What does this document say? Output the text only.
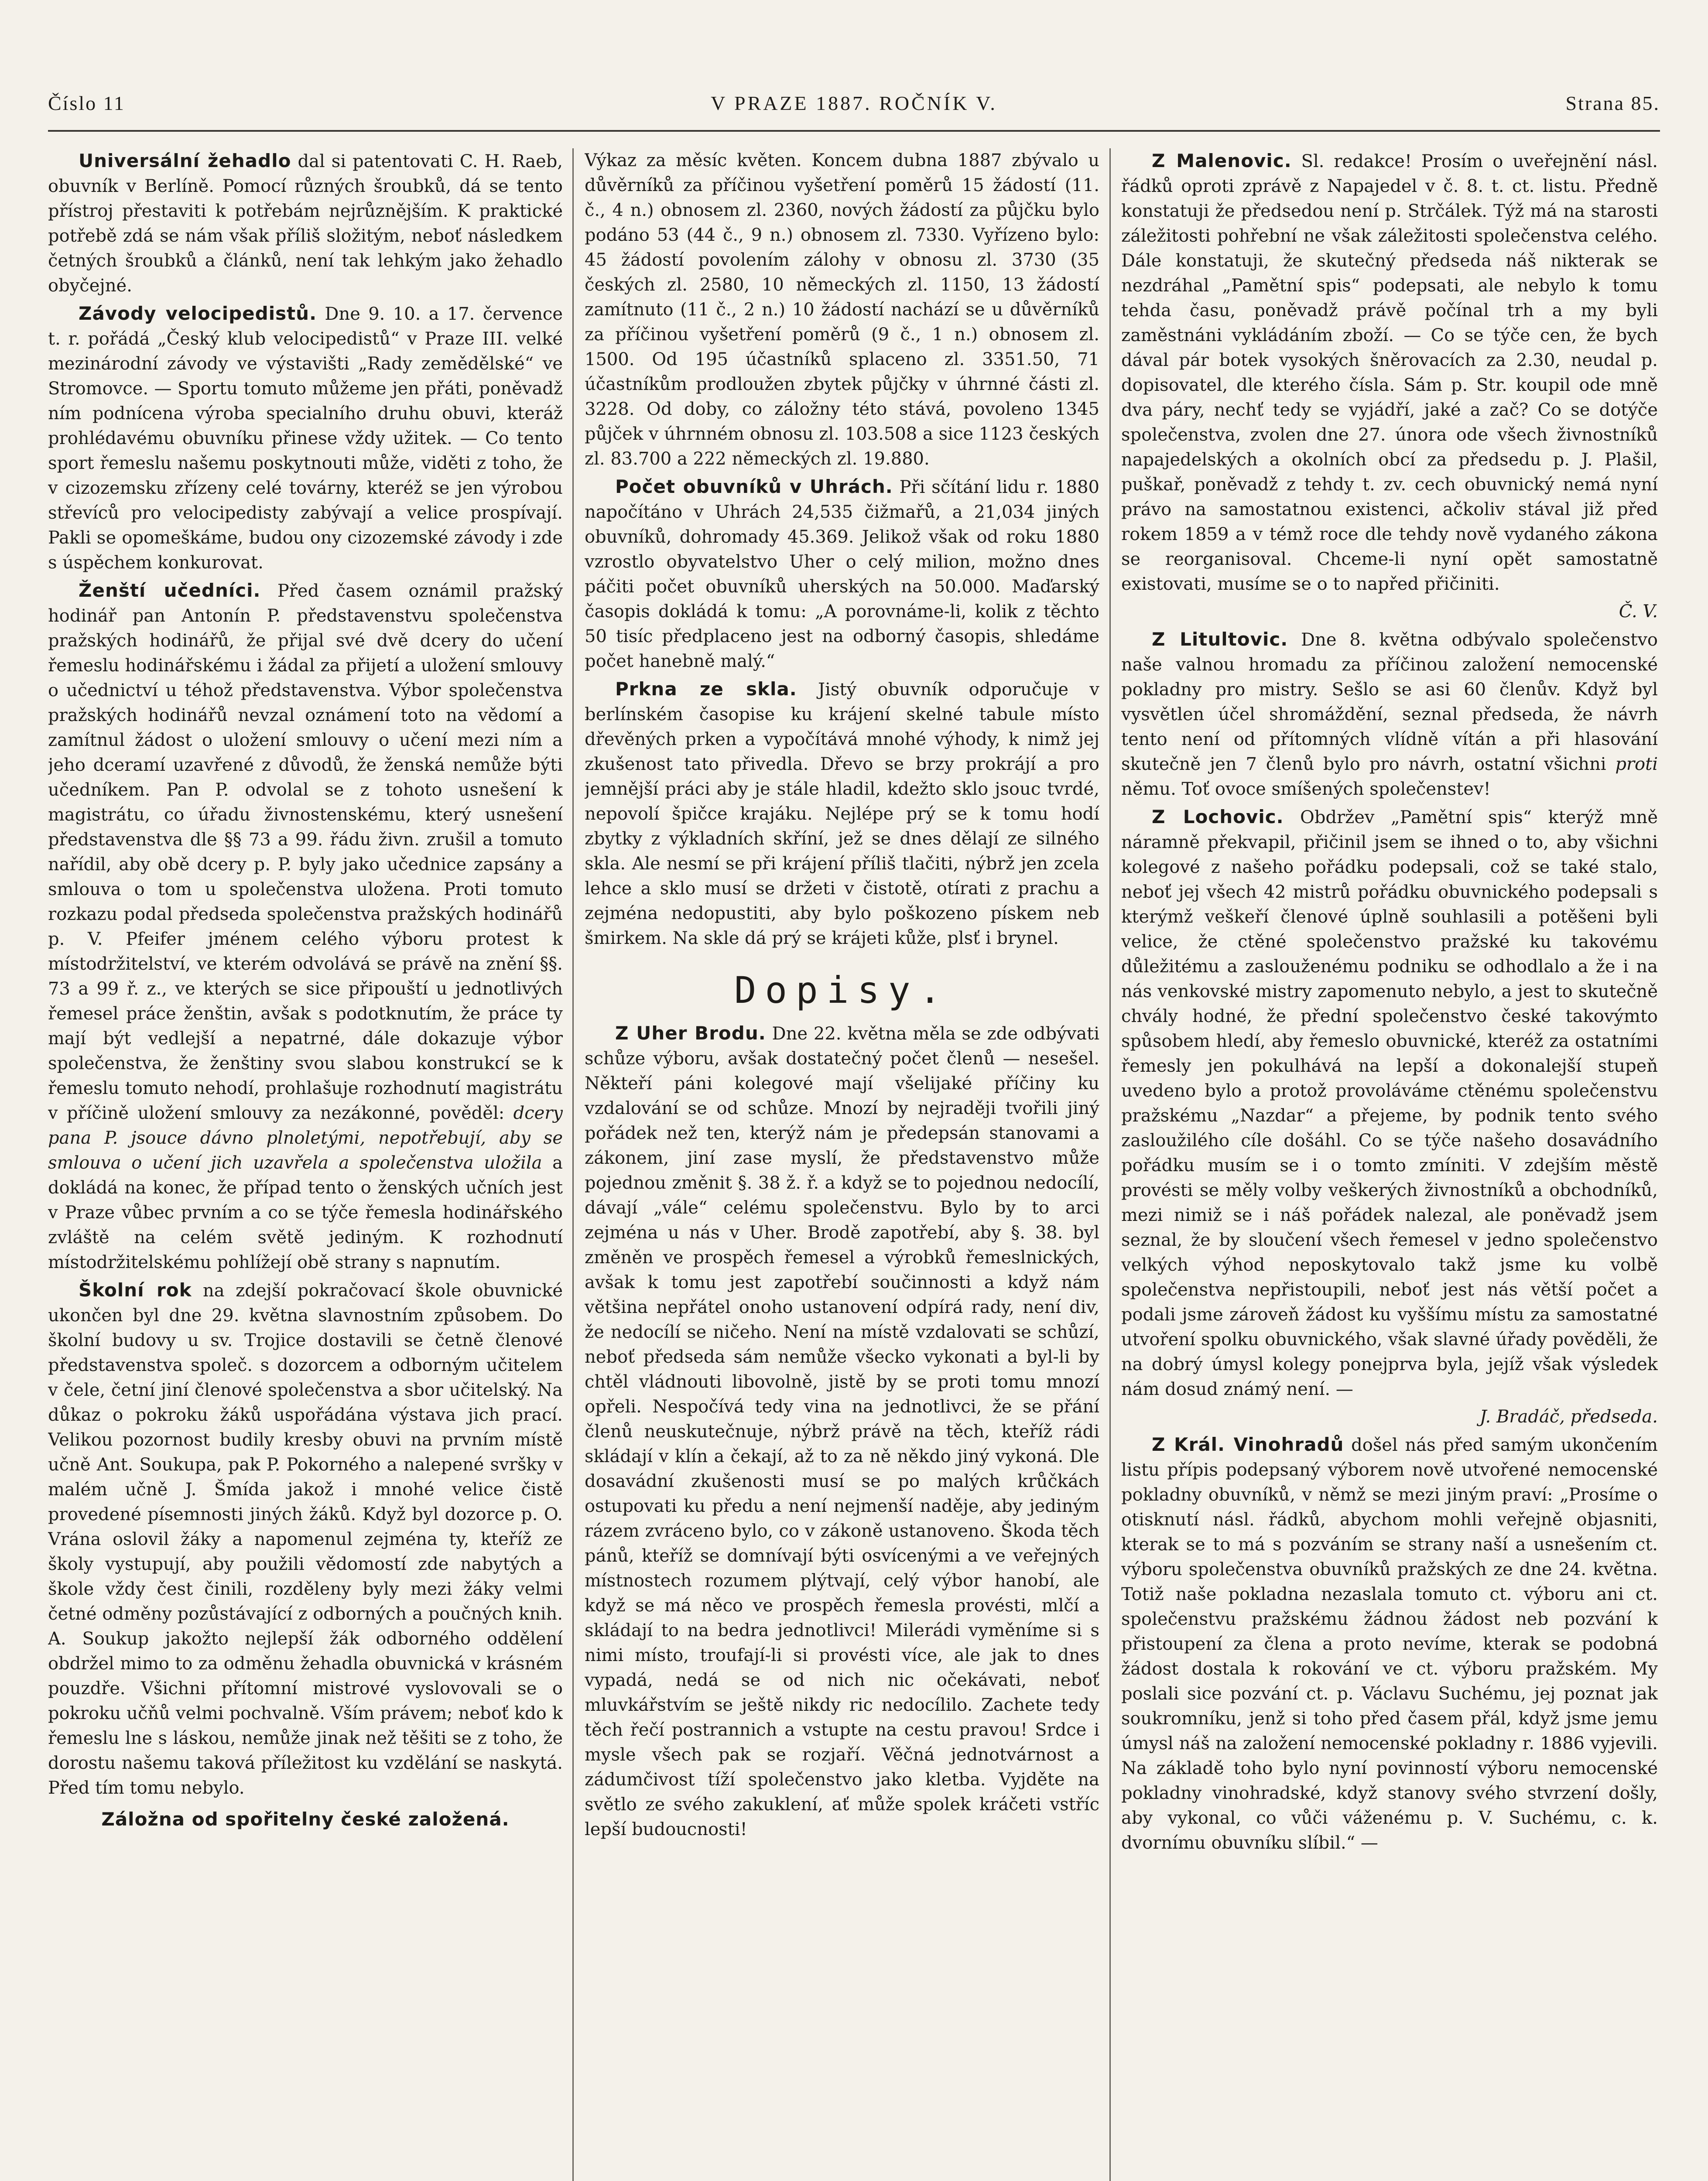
Číslo 11	V PRAZE 1887. ROČNÍK V.	Strana 85.

Universální žehadlo dal si patentovati C. H. Raeb, obuvník v Berlíně. Pomocí různých šroubků, dá se tento přístroj přestaviti k potřebám nejrůznějším. K praktické potřebě zdá se nám však příliš složitým, neboť následkem četných šroubků a článků, není tak lehkým jako žehadlo obyčejné.

Závody velocipedistů. Dne 9. 10. a 17. července t. r. pořádá „Český klub velocipedistů“ v Praze III. velké mezinárodní závody ve výstavišti „Rady zemědělské“ ve Stromovce. — Sportu tomuto můžeme jen přáti, poněvadž ním podnícena výroba specialního druhu obuvi, kteráž prohlédavému obuvníku přinese vždy užitek. — Co tento sport řemeslu našemu poskytnouti může, viděti z toho, že v cizozemsku zřízeny celé továrny, kteréž se jen výrobou střevíců pro velocipedisty zabývají a velice prospívají. Pakli se opomeškáme, budou ony cizozemské závody i zde s úspěchem konkurovat.

Ženští učedníci. Před časem oznámil pražský hodinář pan Antonín P. představenstvu společenstva pražských hodinářů, že přijal své dvě dcery do učení řemeslu hodinářskému i žádal za přijetí a uložení smlouvy o učednictví u téhož představenstva. Výbor společenstva pražských hodinářů nevzal oznámení toto na vědomí a zamítnul žádost o uložení smlouvy o učení mezi ním a jeho dceramí uzavřené z důvodů, že ženská nemůže býti učedníkem. Pan P. odvolal se z tohoto usnešení k magistrátu, co úřadu živnostenskému, který usnešení představenstva dle §§ 73 a 99. řádu živn. zrušil a tomuto nařídil, aby obě dcery p. P. byly jako učednice zapsány a smlouva o tom u společenstva uložena. Proti tomuto rozkazu podal předseda společenstva pražských hodinářů p. V. Pfeifer jménem celého výboru protest k místodržitelství, ve kterém odvolává se právě na znění §§. 73 a 99 ř. z., ve kterých se sice připouští u jednotlivých řemesel práce ženštin, avšak s podotknutím, že práce ty mají být vedlejší a nepatrné, dále dokazuje výbor společenstva, že ženštiny svou slabou konstrukcí se k řemeslu tomuto nehodí, prohlašuje rozhodnutí magistrátu v příčině uložení smlouvy za nezákonné, pověděl: dcery pana P. jsouce dávno plnoletými, nepotřebují, aby se smlouva o učení jich uzavřela a společenstva uložila a dokládá na konec, že případ tento o ženských učních jest v Praze vůbec prvním a co se týče řemesla hodinářského zvláště na celém světě jediným. K rozhodnutí místodržitelskému pohlížejí obě strany s napnutím.

Školní rok na zdejší pokračovací škole obuvnické ukončen byl dne 29. května slavnostním způsobem. Do školní budovy u sv. Trojice dostavili se četně členové představenstva společ. s dozorcem a odborným učitelem v čele, četní jiní členové společenstva a sbor učitelský. Na důkaz o pokroku žáků uspořádána výstava jich prací. Velikou pozornost budily kresby obuvi na prvním místě učně Ant. Soukupa, pak P. Pokorného a nalepené svršky v malém učně J. Šmída jakož i mnohé velice čistě provedené písemnosti jiných žáků. Když byl dozorce p. O. Vrána oslovil žáky a napomenul zejména ty, kteříž ze školy vystupují, aby použili vědomostí zde nabytých a škole vždy čest činili, rozděleny byly mezi žáky velmi četné odměny pozůstávající z odborných a poučných knih. A. Soukup jakožto nejlepší žák odborného oddělení obdržel mimo to za odměnu žehadla obuvnická v krásném pouzdře. Všichni přítomní mistrové vyslovovali se o pokroku učňů velmi pochvalně. Vším právem; neboť kdo k řemeslu lne s láskou, nemůže jinak než těšiti se z toho, že dorostu našemu taková příležitost ku vzdělání se naskytá. Před tím tomu nebylo.

Záložna od spořitelny české založená.

Výkaz za měsíc květen. Koncem dubna 1887 zbývalo u důvěrníků za příčinou vyšetření poměrů 15 žádostí (11. č., 4 n.) obnosem zl. 2360, nových žádostí za půjčku bylo podáno 53 (44 č., 9 n.) obnosem zl. 7330. Vyřízeno bylo: 45 žádostí povolením zálohy v obnosu zl. 3730 (35 českých zl. 2580, 10 německých zl. 1150, 13 žádostí zamítnuto (11 č., 2 n.) 10 žádostí nachází se u důvěrníků za příčinou vyšetření poměrů (9 č., 1 n.) obnosem zl. 1500. Od 195 účastníků splaceno zl. 3351.50, 71 účastníkům prodloužen zbytek půjčky v úhrnné části zl. 3228. Od doby, co záložny této stává, povoleno 1345 půjček v úhrnném obnosu zl. 103.508 a sice 1123 českých zl. 83.700 a 222 německých zl. 19.880.

Počet obuvníků v Uhrách. Při sčítání lidu r. 1880 napočítáno v Uhrách 24,535 čižmařů, a 21,034 jiných obuvníků, dohromady 45.369. Jelikož však od roku 1880 vzrostlo obyvatelstvo Uher o celý milion, možno dnes páčiti počet obuvníků uherských na 50.000. Maďarský časopis dokládá k tomu: „A porovnáme-li, kolik z těchto 50 tisíc předplaceno jest na odborný časopis, shledáme počet hanebně malý.“

Prkna ze skla. Jistý obuvník odporučuje v berlínském časopise ku krájení skelné tabule místo dřevěných prken a vypočítává mnohé výhody, k nimž jej zkušenost tato přivedla. Dřevo se brzy prokrájí a pro jemnější práci aby je stále hladil, kdežto sklo jsouc tvrdé, nepovolí špičce krajáku. Nejlépe prý se k tomu hodí zbytky z výkladních skříní, jež se dnes dělají ze silného skla. Ale nesmí se při krájení příliš tlačiti, nýbrž jen zcela lehce a sklo musí se držeti v čistotě, otírati z prachu a zejména nedopustiti, aby bylo poškozeno pískem neb šmirkem. Na skle dá prý se krájeti kůže, plsť i brynel.

Dopisy.

Z Uher Brodu. Dne 22. května měla se zde odbývati schůze výboru, avšak dostatečný počet členů — nesešel. Někteří páni kolegové mají všelijaké příčiny ku vzdalování se od schůze. Mnozí by nejraději tvořili jiný pořádek než ten, kterýž nám je předepsán stanovami a zákonem, jiní zase myslí, že představenstvo může pojednou změnit §. 38 ž. ř. a když se to pojednou nedocílí, dávají „vále“ celému společenstvu. Bylo by to arci zejména u nás v Uher. Brodě zapotřebí, aby §. 38. byl změněn ve prospěch řemesel a výrobků řemeslnických, avšak k tomu jest zapotřebí součinnosti a když nám většina nepřátel onoho ustanovení odpírá rady, není div, že nedocílí se ničeho. Není na místě vzdalovati se schůzí, neboť předseda sám nemůže všecko vykonati a byl-li by chtěl vládnouti libovolně, jistě by se proti tomu mnozí opřeli. Nespočívá tedy vina na jednotlivci, že se přání členů neuskutečnuje, nýbrž právě na těch, kteříž rádi skládají v klín a čekají, až to za ně někdo jiný vykoná. Dle dosavádní zkušenosti musí se po malých krůčkách ostupovati ku předu a není nejmenší naděje, aby jediným rázem zvráceno bylo, co v zákoně ustanoveno. Škoda těch pánů, kteříž se domnívají býti osvícenými a ve veřejných místnostech rozumem plýtvají, celý výbor hanobí, ale když se má něco ve prospěch řemesla provésti, mlčí a skládají to na bedra jednotlivci! Milerádi vyměníme si s nimi místo, troufají-li si provésti více, ale jak to dnes vypadá, nedá se od nich nic očekávati, neboť mluvkářstvím se ještě nikdy ric nedocílilo. Zachete tedy těch řečí postrannich a vstupte na cestu pravou! Srdce i mysle všech pak se rozjaří. Věčná jednotvárnost a zádumčivost tíží společenstvo jako kletba. Vyjděte na světlo ze svého zakuklení, ať může spolek kráčeti vstříc lepší budoucnosti!

Z Malenovic. Sl. redakce! Prosím o uveřejnění násl. řádků oproti zprávě z Napajedel v č. 8. t. ct. listu. Předně konstatuji že předsedou není p. Strčálek. Týž má na starosti záležitosti pohřební ne však záležitosti společenstva celého. Dále konstatuji, že skutečný předseda náš nikterak se nezdráhal „Pamětní spis“ podepsati, ale nebylo k tomu tehda času, poněvadž právě počínal trh a my byli zaměstnáni vykládáním zboží. — Co se týče cen, že bych dával pár botek vysokých šněrovacích za 2.30, neudal p. dopisovatel, dle kterého čísla. Sám p. Str. koupil ode mně dva páry, nechť tedy se vyjádří, jaké a zač? Co se dotýče společenstva, zvolen dne 27. února ode všech živnostníků napajedelských a okolních obcí za předsedu p. J. Plašil, puškař, poněvadž z tehdy t. zv. cech obuvnický nemá nyní právo na samostatnou existenci, ačkoliv stával již před rokem 1859 a v témž roce dle tehdy nově vydaného zákona se reorganisoval. Chceme-li nyní opět samostatně existovati, musíme se o to napřed přičiniti.

Č. V.

Z Litultovic. Dne 8. května odbývalo společenstvo naše valnou hromadu za příčinou založení nemocenské pokladny pro mistry. Sešlo se asi 60 členův. Když byl vysvětlen účel shromáždění, seznal předseda, že návrh tento není od přítomných vlídně vítán a při hlasování skutečně jen 7 členů bylo pro návrh, ostatní všichni proti němu. Toť ovoce smíšených společenstev!

Z Lochovic. Obdržev „Pamětní spis“ kterýž mně náramně překvapil, přičinil jsem se ihned o to, aby všichni kolegové z našeho pořádku podepsali, což se také stalo, neboť jej všech 42 mistrů pořádku obuvnického podepsali s kterýmž veškeří členové úplně souhlasili a potěšeni byli velice, že ctěné společenstvo pražské ku takovému důležitému a zaslouženému podniku se odhodlalo a že i na nás venkovské mistry zapomenuto nebylo, a jest to skutečně chvály hodné, že přední společenstvo české takovýmto spůsobem hledí, aby řemeslo obuvnické, kteréž za ostatními řemesly jen pokulhává na lepší a dokonalejší stupeň uvedeno bylo a protož provoláváme ctěnému společenstvu pražskému „Nazdar“ a přejeme, by podnik tento svého zasloužilého cíle došáhl. Co se týče našeho dosavádního pořádku musím se i o tomto zmíniti. V zdejším městě provésti se měly volby veškerých živnostníků a obchodníků, mezi nimiž se i náš pořádek nalezal, ale poněvadž jsem seznal, že by sloučení všech řemesel v jedno společenstvo velkých výhod neposkytovalo takž jsme ku volbě společenstva nepřistoupili, neboť jest nás větší počet a podali jsme zároveň žádost ku vyššímu místu za samostatné utvoření spolku obuvnického, však slavné úřady pověděli, že na dobrý úmysl kolegy ponejprva byla, jejíž však výsledek nám dosud známý není. —

J. Bradáč, předseda.

Z Král. Vinohradů došel nás před samým ukončením listu přípis podepsaný výborem nově utvořené nemocenské pokladny obuvníků, v němž se mezi jiným praví: „Prosíme o otisknutí násl. řádků, abychom mohli veřejně objasniti, kterak se to má s pozváním se strany naší a usnešením ct. výboru společenstva obuvníků pražských ze dne 24. května. Totiž naše pokladna nezaslala tomuto ct. výboru ani ct. společenstvu pražskému žádnou žádost neb pozvání k přistoupení za člena a proto nevíme, kterak se podobná žádost dostala k rokování ve ct. výboru pražském. My poslali sice pozvání ct. p. Václavu Suchému, jej poznat jak soukromníku, jenž si toho před časem přál, když jsme jemu úmysl náš na založení nemocenské pokladny r. 1886 vyjevili. Na základě toho bylo nyní povinností výboru nemocenské pokladny vinohradské, když stanovy svého stvrzení došly, aby vykonal, co vůči váženému p. V. Suchému, c. k. dvornímu obuvníku slíbil.“ —
